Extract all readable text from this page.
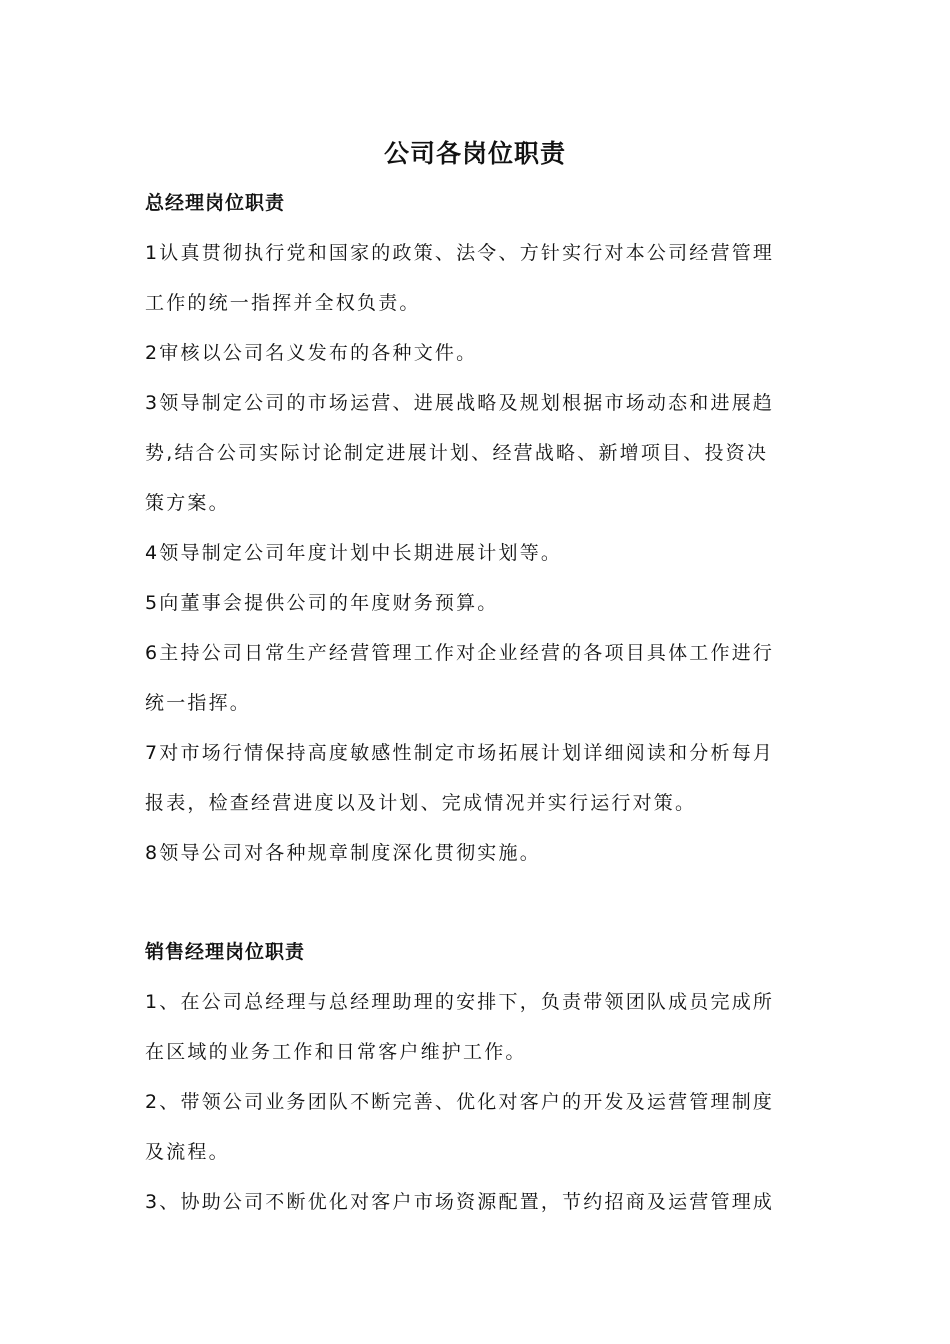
公司各岗位职责
总经理岗位职责
1认真贯彻执行党和国家的政策、法令、方针实行对本公司经营管理
工作的统一指挥并全权负责。
2审核以公司名义发布的各种文件。
3领导制定公司的市场运营、进展战略及规划根据市场动态和进展趋
势,结合公司实际讨论制定进展计划、经营战略、新增项目、投资决
策方案。
4领导制定公司年度计划中长期进展计划等。
5向董事会提供公司的年度财务预算。
6主持公司日常生产经营管理工作对企业经营的各项目具体工作进行
统一指挥。
7对市场行情保持高度敏感性制定市场拓展计划详细阅读和分析每月
报表，检查经营进度以及计划、完成情况并实行运行对策。
8领导公司对各种规章制度深化贯彻实施。
销售经理岗位职责
1、在公司总经理与总经理助理的安排下，负责带领团队成员完成所
在区域的业务工作和日常客户维护工作。
2、带领公司业务团队不断完善、优化对客户的开发及运营管理制度
及流程。
3、协助公司不断优化对客户市场资源配置，节约招商及运营管理成
